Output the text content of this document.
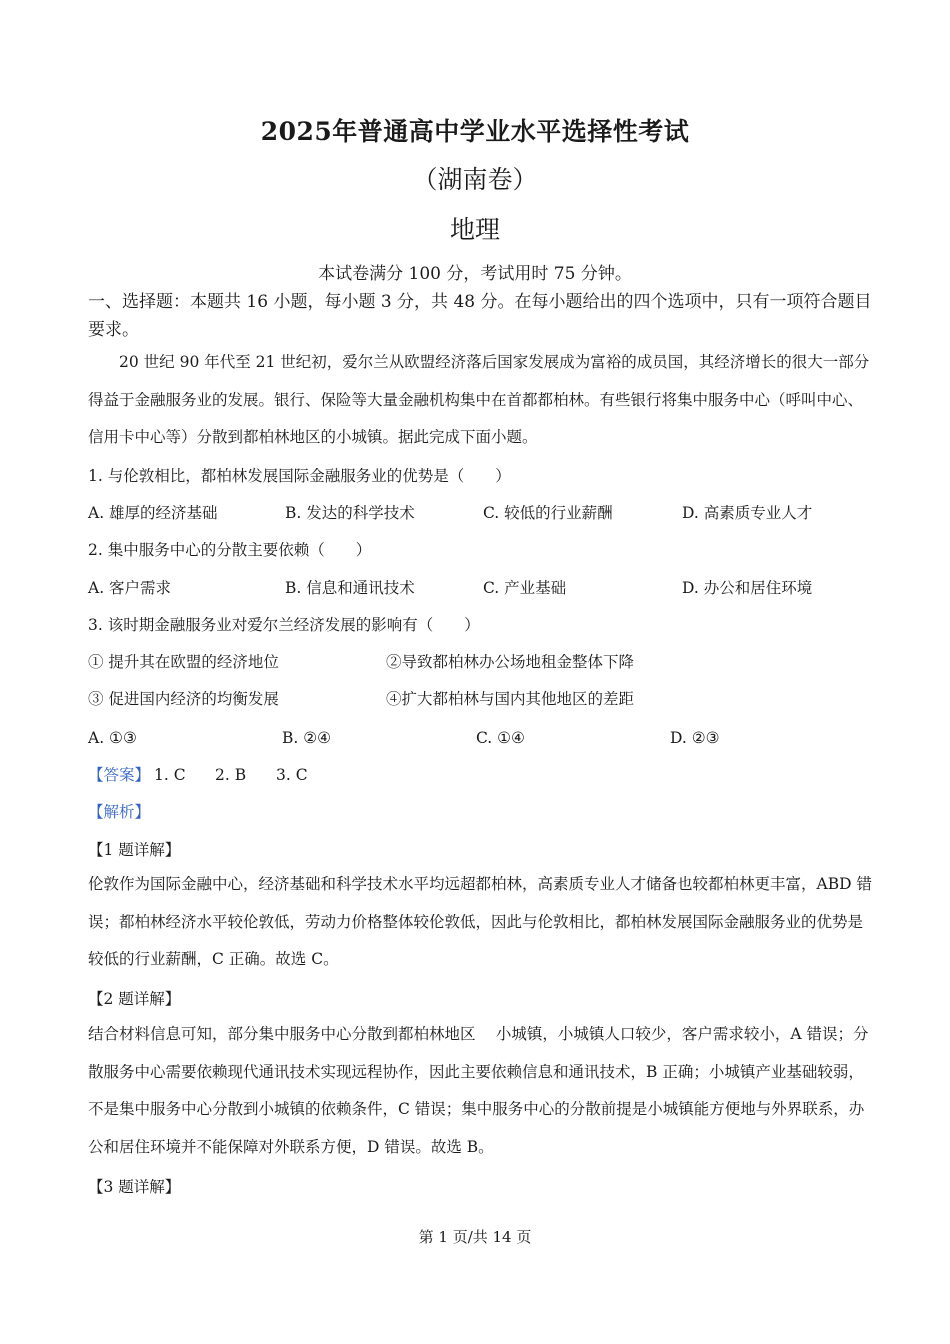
2025年普通高中学业水平选择性考试
（湖南卷）
地理
本试卷满分 100 分，考试用时 75 分钟。
一、选择题：本题共 16 小题，每小题 3 分，共 48 分。在每小题给出的四个选项中，只有一项符合题目要求。
20 世纪 90 年代至 21 世纪初，爱尔兰从欧盟经济落后国家发展成为富裕的成员国，其经济增长的很大一部分得益于金融服务业的发展。银行、保险等大量金融机构集中在首都都柏林。有些银行将集中服务中心（呼叫中心、信用卡中心等）分散到都柏林地区的小城镇。据此完成下面小题。
1. 与伦敦相比，都柏林发展国际金融服务业的优势是（　　）
A. 雄厚的经济基础	B. 发达的科学技术	C. 较低的行业薪酬	D. 高素质专业人才
2. 集中服务中心的分散主要依赖（　　）
A. 客户需求	B. 信息和通讯技术	C. 产业基础	D. 办公和居住环境
3. 该时期金融服务业对爱尔兰经济发展的影响有（　　）
① 提升其在欧盟的经济地位	②导致都柏林办公场地租金整体下降
③ 促进国内经济的均衡发展	④扩大都柏林与国内其他地区的差距
A. ①③	B. ②④	C. ①④	D. ②③
【答案】 1. C 2. B 3. C
【解析】
【1 题详解】
伦敦作为国际金融中心，经济基础和科学技术水平均远超都柏林，高素质专业人才储备也较都柏林更丰富，ABD 错误；都柏林经济水平较伦敦低，劳动力价格整体较伦敦低，因此与伦敦相比，都柏林发展国际金融服务业的优势是较低的行业薪酬，C 正确。故选 C。
【2 题详解】
结合材料信息可知，部分集中服务中心分散到都柏林地区　 小城镇，小城镇人口较少，客户需求较小，A 错误；分散服务中心需要依赖现代通讯技术实现远程协作，因此主要依赖信息和通讯技术，B 正确；小城镇产业基础较弱，不是集中服务中心分散到小城镇的依赖条件，C 错误；集中服务中心的分散前提是小城镇能方便地与外界联系，办公和居住环境并不能保障对外联系方便，D 错误。故选 B。
【3 题详解】
第 1 页/共 14 页
